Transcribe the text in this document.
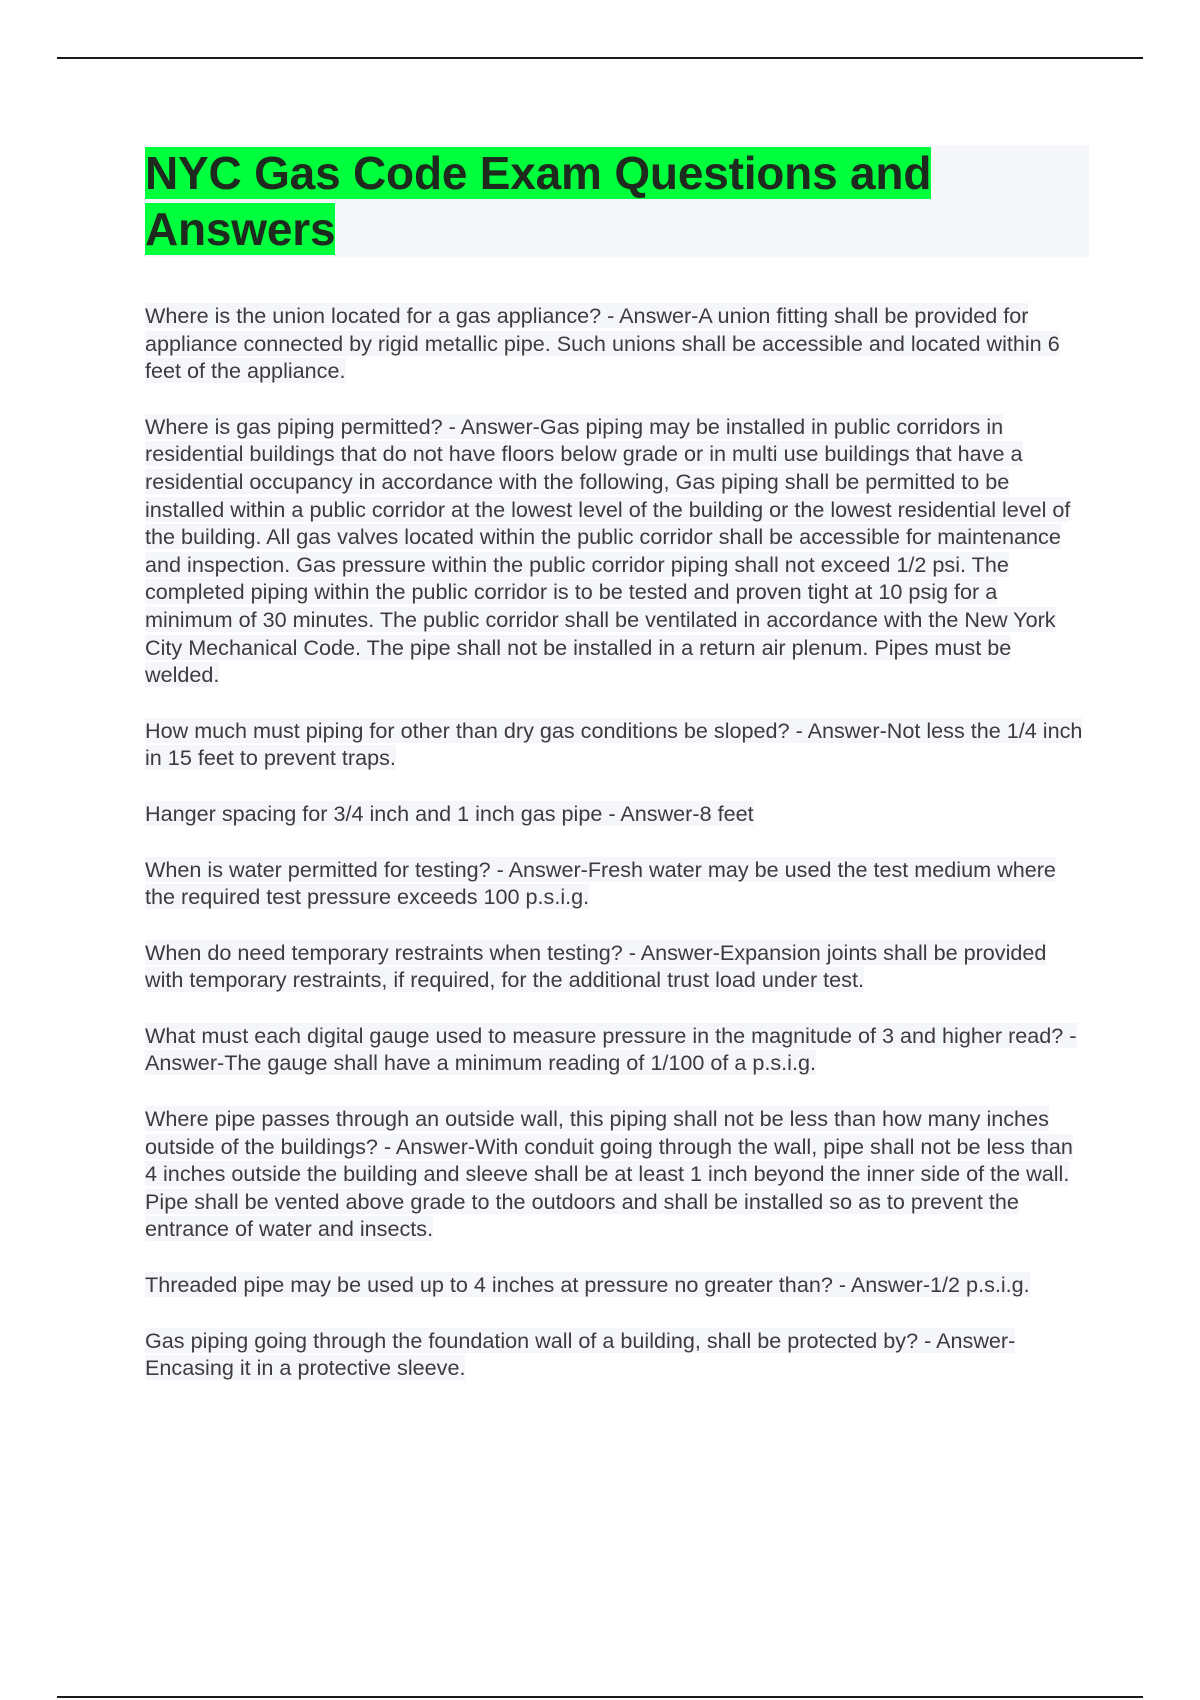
NYC Gas Code Exam Questions and Answers

Where is the union located for a gas appliance? - Answer-A union fitting shall be provided for appliance connected by rigid metallic pipe. Such unions shall be accessible and located within 6 feet of the appliance.

Where is gas piping permitted? - Answer-Gas piping may be installed in public corridors in residential buildings that do not have floors below grade or in multi use buildings that have a residential occupancy in accordance with the following, Gas piping shall be permitted to be installed within a public corridor at the lowest level of the building or the lowest residential level of the building. All gas valves located within the public corridor shall be accessible for maintenance and inspection. Gas pressure within the public corridor piping shall not exceed 1/2 psi. The completed piping within the public corridor is to be tested and proven tight at 10 psig for a minimum of 30 minutes. The public corridor shall be ventilated in accordance with the New York City Mechanical Code. The pipe shall not be installed in a return air plenum. Pipes must be welded.

How much must piping for other than dry gas conditions be sloped? - Answer-Not less the 1/4 inch in 15 feet to prevent traps.

Hanger spacing for 3/4 inch and 1 inch gas pipe - Answer-8 feet

When is water permitted for testing? - Answer-Fresh water may be used the test medium where the required test pressure exceeds 100 p.s.i.g.

When do need temporary restraints when testing? - Answer-Expansion joints shall be provided with temporary restraints, if required, for the additional trust load under test.

What must each digital gauge used to measure pressure in the magnitude of 3 and higher read? - Answer-The gauge shall have a minimum reading of 1/100 of a p.s.i.g.

Where pipe passes through an outside wall, this piping shall not be less than how many inches outside of the buildings? - Answer-With conduit going through the wall, pipe shall not be less than 4 inches outside the building and sleeve shall be at least 1 inch beyond the inner side of the wall. Pipe shall be vented above grade to the outdoors and shall be installed so as to prevent the entrance of water and insects.

Threaded pipe may be used up to 4 inches at pressure no greater than? - Answer-1/2 p.s.i.g.

Gas piping going through the foundation wall of a building, shall be protected by? - Answer-Encasing it in a protective sleeve.
